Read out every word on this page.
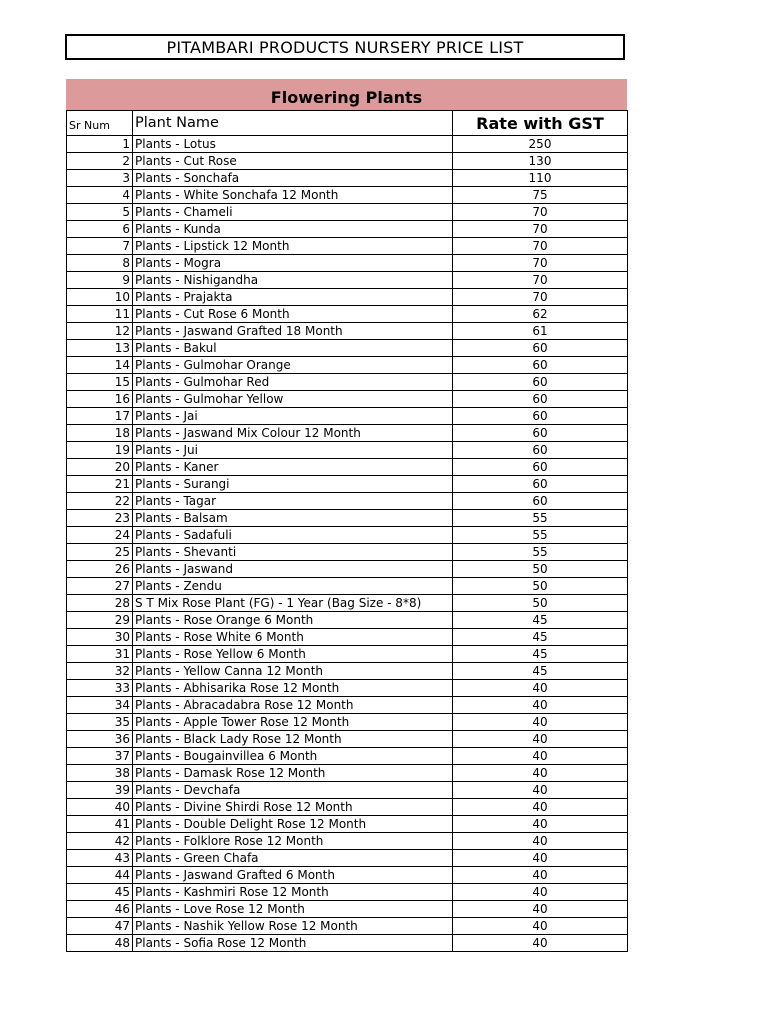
PITAMBARI PRODUCTS NURSERY PRICE LIST
Flowering Plants
Sr Num	Plant Name	Rate with GST
1	Plants - Lotus	250
2	Plants - Cut Rose	130
3	Plants - Sonchafa	110
4	Plants - White Sonchafa 12 Month	75
5	Plants - Chameli	70
6	Plants - Kunda	70
7	Plants - Lipstick 12 Month	70
8	Plants - Mogra	70
9	Plants - Nishigandha	70
10	Plants - Prajakta	70
11	Plants - Cut Rose 6 Month	62
12	Plants - Jaswand Grafted 18 Month	61
13	Plants - Bakul	60
14	Plants - Gulmohar Orange	60
15	Plants - Gulmohar Red	60
16	Plants - Gulmohar Yellow	60
17	Plants - Jai	60
18	Plants - Jaswand Mix Colour 12 Month	60
19	Plants - Jui	60
20	Plants - Kaner	60
21	Plants - Surangi	60
22	Plants - Tagar	60
23	Plants - Balsam	55
24	Plants - Sadafuli	55
25	Plants - Shevanti	55
26	Plants - Jaswand	50
27	Plants - Zendu	50
28	S T Mix Rose Plant (FG) - 1 Year (Bag Size - 8*8)	50
29	Plants - Rose Orange 6 Month	45
30	Plants - Rose White 6 Month	45
31	Plants - Rose Yellow 6 Month	45
32	Plants - Yellow Canna 12 Month	45
33	Plants - Abhisarika Rose 12 Month	40
34	Plants - Abracadabra Rose 12 Month	40
35	Plants - Apple Tower Rose 12 Month	40
36	Plants - Black Lady Rose 12 Month	40
37	Plants - Bougainvillea 6 Month	40
38	Plants - Damask Rose 12 Month	40
39	Plants - Devchafa	40
40	Plants - Divine Shirdi Rose 12 Month	40
41	Plants - Double Delight Rose 12 Month	40
42	Plants - Folklore Rose 12 Month	40
43	Plants - Green Chafa	40
44	Plants - Jaswand Grafted 6 Month	40
45	Plants - Kashmiri Rose 12 Month	40
46	Plants - Love Rose 12 Month	40
47	Plants - Nashik Yellow Rose 12 Month	40
48	Plants - Sofia Rose 12 Month	40
